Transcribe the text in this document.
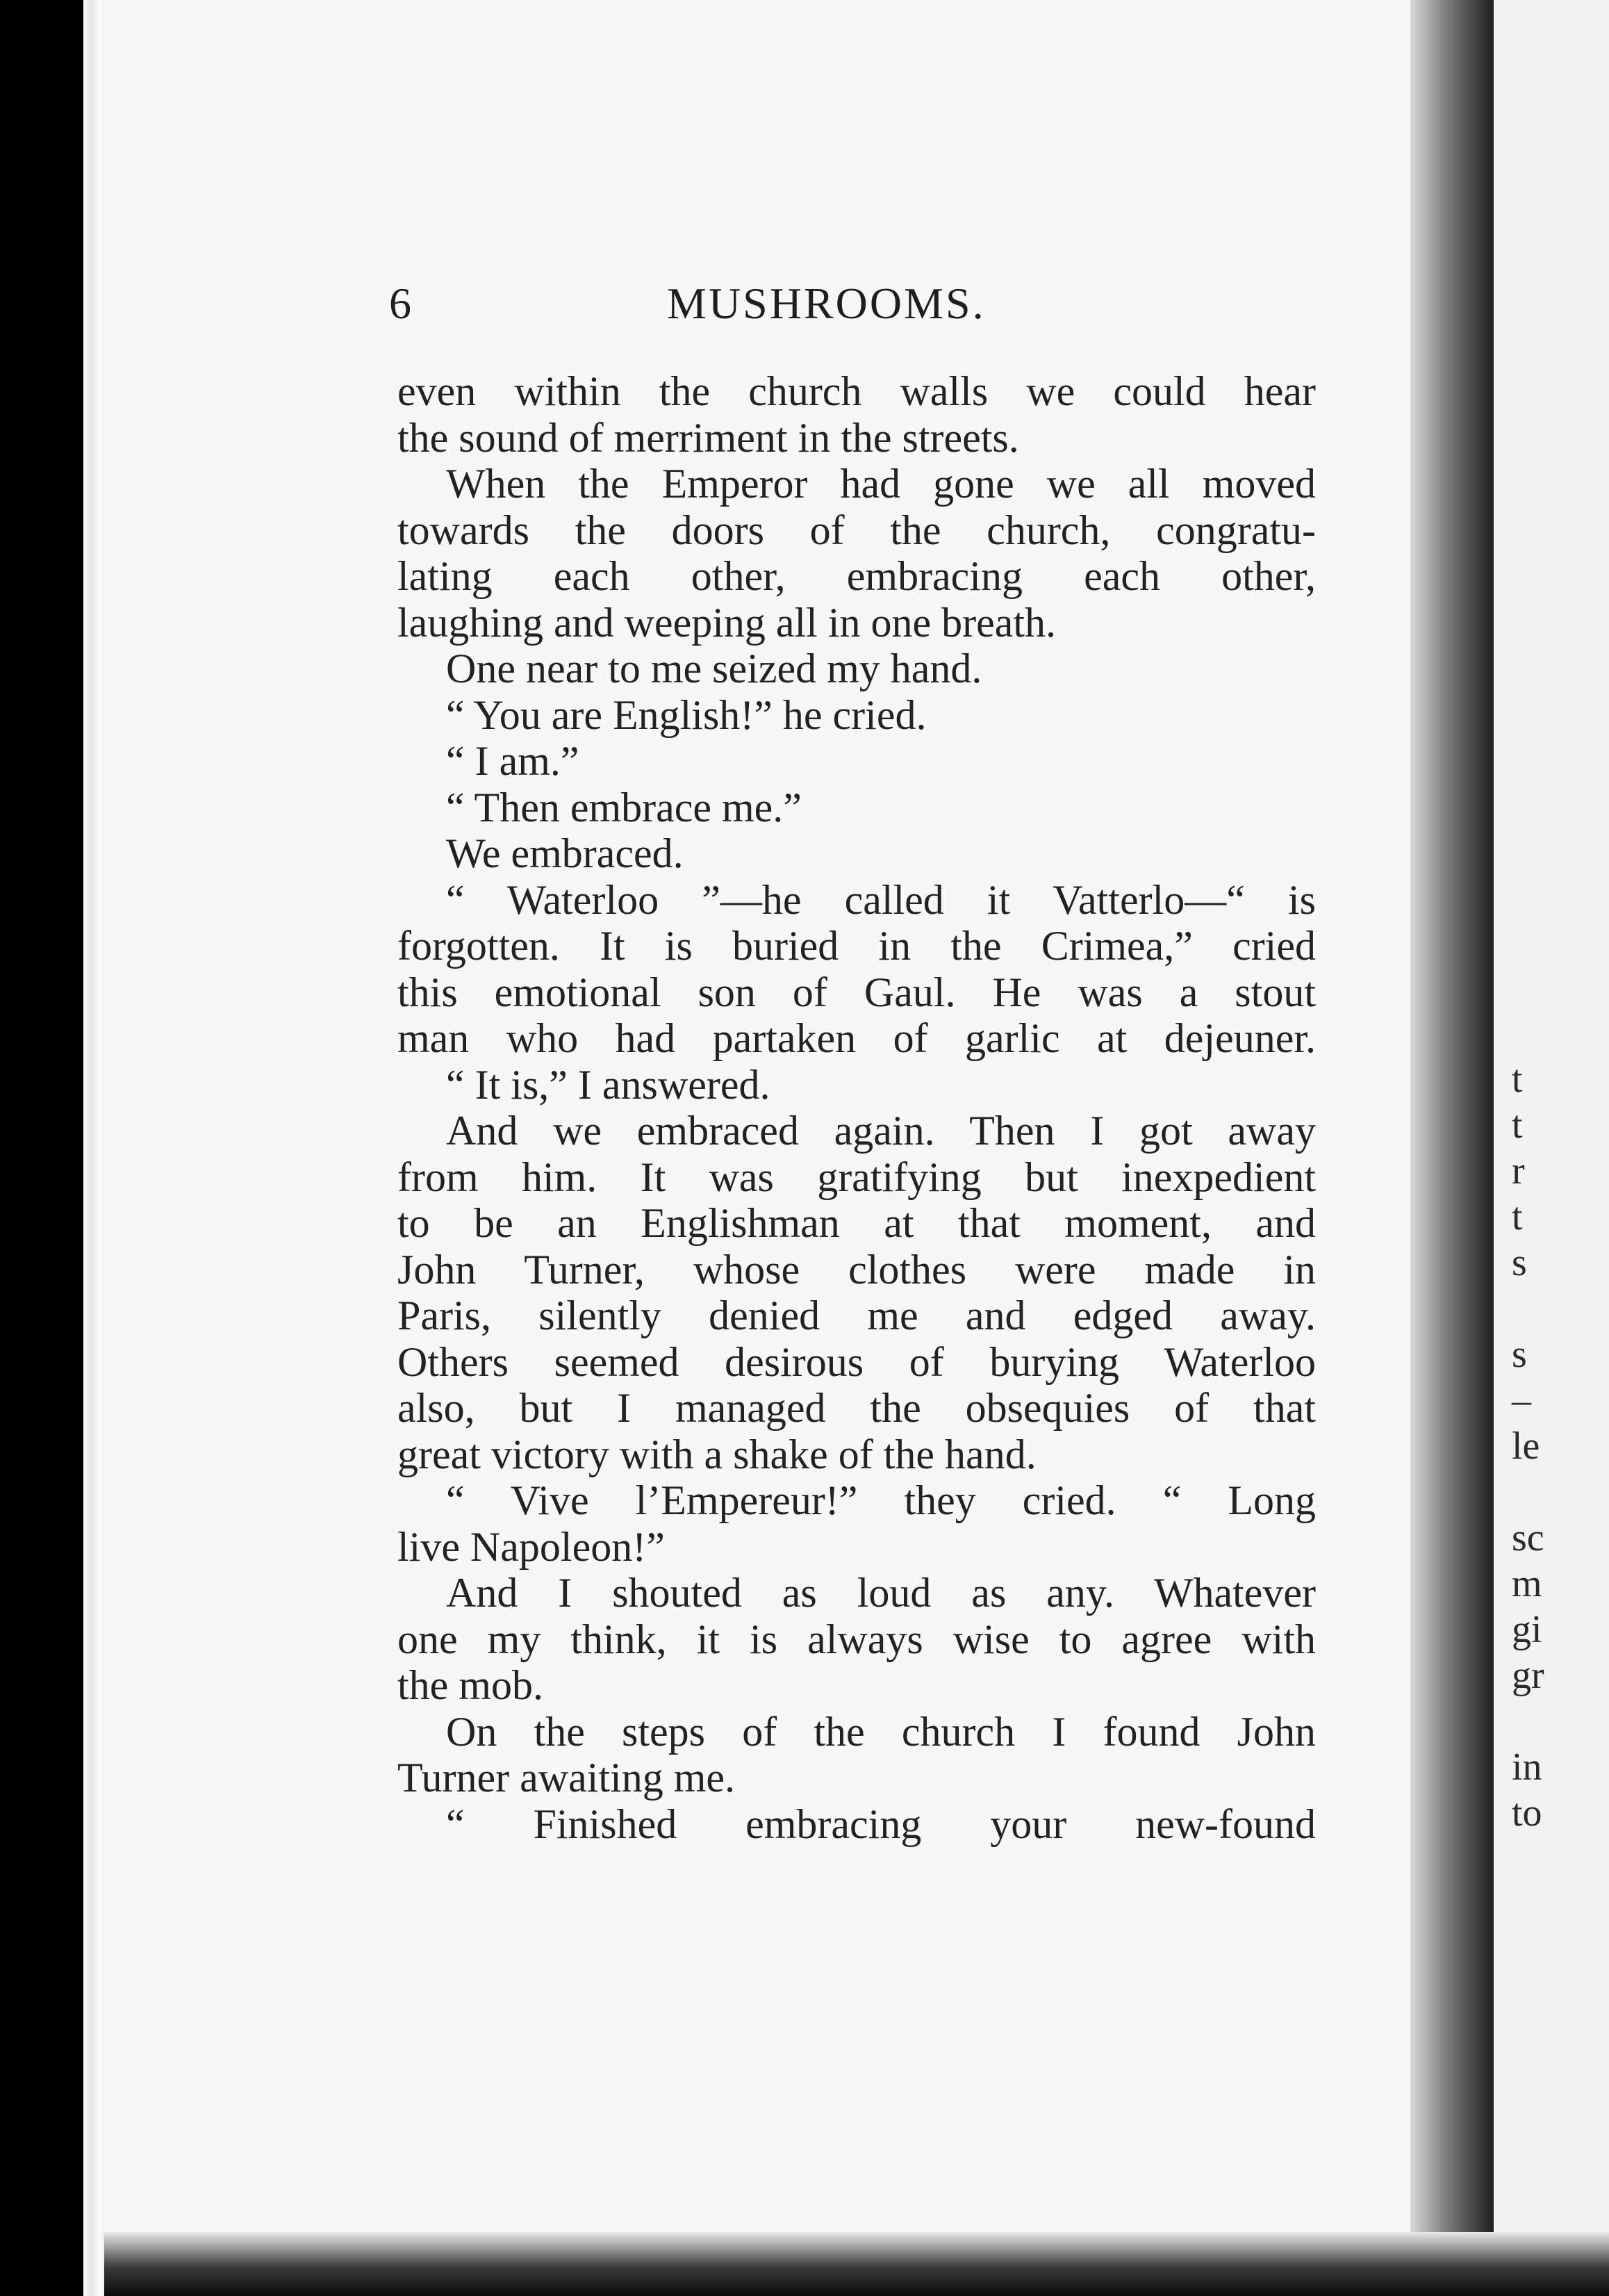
t
t
r
t
s
s
–
le
sc
m
gi
gr
in
to
6	MUSHROOMS.
even within the church walls we could hear
the sound of merriment in the streets.
When the Emperor had gone we all moved
towards the doors of the church, congratu-
lating each other, embracing each other,
laughing and weeping all in one breath.
One near to me seized my hand.
“ You are English!” he cried.
“ I am.”
“ Then embrace me.”
We embraced.
“ Waterloo ”—he called it Vatterlo—“ is
forgotten. It is buried in the Crimea,” cried
this emotional son of Gaul. He was a stout
man who had partaken of garlic at dejeuner.
“ It is,” I answered.
And we embraced again. Then I got away
from him. It was gratifying but inexpedient
to be an Englishman at that moment, and
John Turner, whose clothes were made in
Paris, silently denied me and edged away.
Others seemed desirous of burying Waterloo
also, but I managed the obsequies of that
great victory with a shake of the hand.
“ Vive l’Empereur!” they cried. “ Long
live Napoleon!”
And I shouted as loud as any. Whatever
one my think, it is always wise to agree with
the mob.
On the steps of the church I found John
Turner awaiting me.
“ Finished embracing your new-found
